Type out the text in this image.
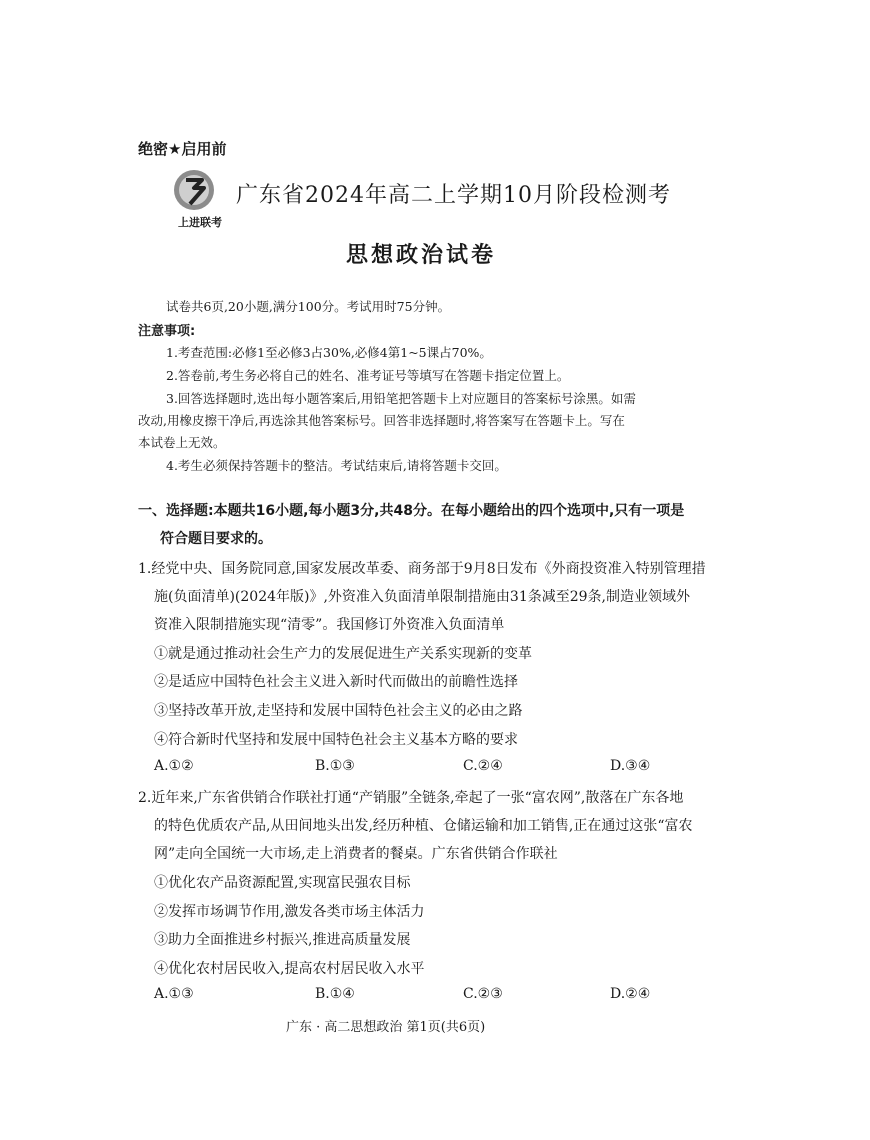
绝密★启用前
上进联考
广东省2024年高二上学期10月阶段检测考
思想政治试卷
试卷共6页,20小题,满分100分。考试用时75分钟。
注意事项:
1.考查范围:必修1至必修3占30%,必修4第1~5课占70%。
2.答卷前,考生务必将自己的姓名、准考证号等填写在答题卡指定位置上。
3.回答选择题时,选出每小题答案后,用铅笔把答题卡上对应题目的答案标号涂黑。如需
改动,用橡皮擦干净后,再选涂其他答案标号。回答非选择题时,将答案写在答题卡上。写在
本试卷上无效。
4.考生必须保持答题卡的整洁。考试结束后,请将答题卡交回。
一、选择题:本题共16小题,每小题3分,共48分。在每小题给出的四个选项中,只有一项是
符合题目要求的。
1.经党中央、国务院同意,国家发展改革委、商务部于9月8日发布《外商投资准入特别管理措
施(负面清单)(2024年版)》,外资准入负面清单限制措施由31条减至29条,制造业领域外
资准入限制措施实现“清零”。我国修订外资准入负面清单
①就是通过推动社会生产力的发展促进生产关系实现新的变革
②是适应中国特色社会主义进入新时代而做出的前瞻性选择
③坚持改革开放,走坚持和发展中国特色社会主义的必由之路
④符合新时代坚持和发展中国特色社会主义基本方略的要求
A.①②	B.①③	C.②④	D.③④
2.近年来,广东省供销合作联社打通“产销服”全链条,牵起了一张“富农网”,散落在广东各地
的特色优质农产品,从田间地头出发,经历种植、仓储运输和加工销售,正在通过这张“富农
网”走向全国统一大市场,走上消费者的餐桌。广东省供销合作联社
①优化农产品资源配置,实现富民强农目标
②发挥市场调节作用,激发各类市场主体活力
③助力全面推进乡村振兴,推进高质量发展
④优化农村居民收入,提高农村居民收入水平
A.①③	B.①④	C.②③	D.②④
广东 · 高二思想政治 第1页(共6页)
